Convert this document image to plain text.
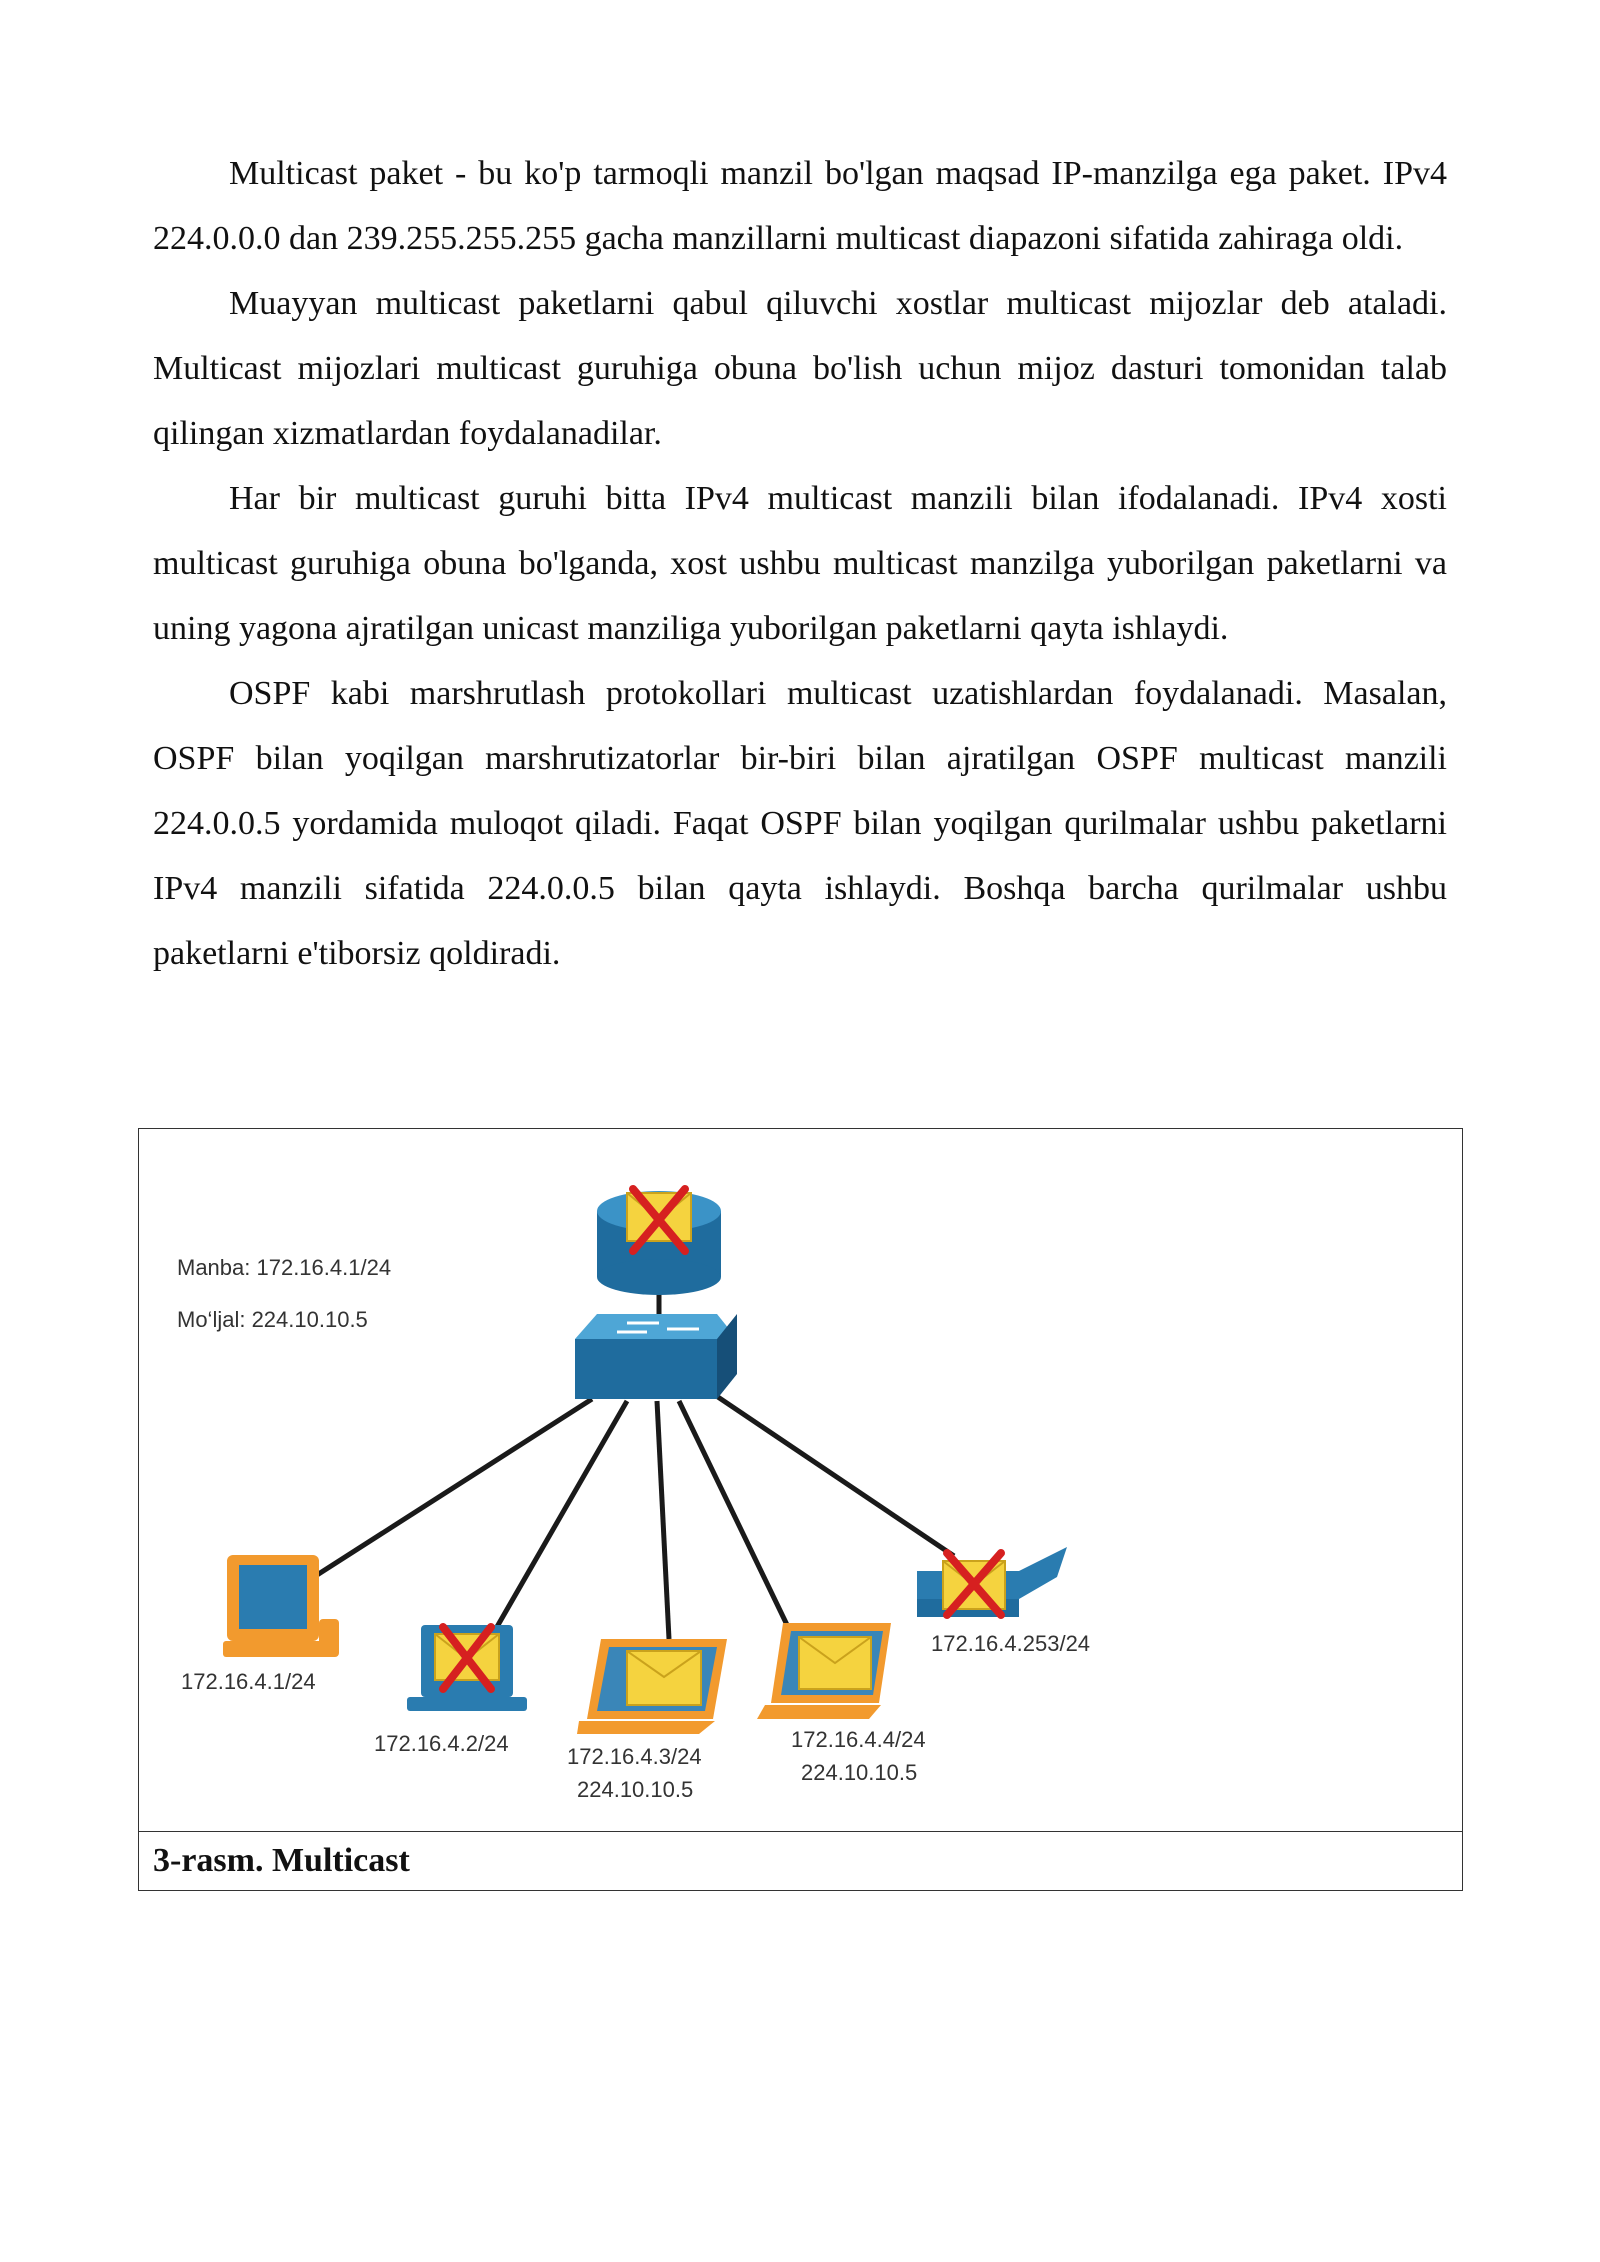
Multicast paket - bu ko'p tarmoqli manzil bo'lgan maqsad IP-manzilga ega paket. IPv4 224.0.0.0 dan 239.255.255.255 gacha manzillarni multicast diapazoni sifatida zahiraga oldi.

Muayyan multicast paketlarni qabul qiluvchi xostlar multicast mijozlar deb ataladi. Multicast mijozlari multicast guruhiga obuna bo'lish uchun mijoz dasturi tomonidan talab qilingan xizmatlardan foydalanadilar.

Har bir multicast guruhi bitta IPv4 multicast manzili bilan ifodalanadi. IPv4 xosti multicast guruhiga obuna bo'lganda, xost ushbu multicast manzilga yuborilgan paketlarni va uning yagona ajratilgan unicast manziliga yuborilgan paketlarni qayta ishlaydi.

OSPF kabi marshrutlash protokollari multicast uzatishlardan foydalanadi. Masalan, OSPF bilan yoqilgan marshrutizatorlar bir-biri bilan ajratilgan OSPF multicast manzili 224.0.0.5 yordamida muloqot qiladi. Faqat OSPF bilan yoqilgan qurilmalar ushbu paketlarni IPv4 manzili sifatida 224.0.0.5 bilan qayta ishlaydi. Boshqa barcha qurilmalar ushbu paketlarni e'tiborsiz qoldiradi.

Manba: 172.16.4.1/24
Mo‘ljal: 224.10.10.5
172.16.4.1/24
172.16.4.2/24
172.16.4.3/24
224.10.10.5
172.16.4.4/24
224.10.10.5
172.16.4.253/24
3-rasm. Multicast
